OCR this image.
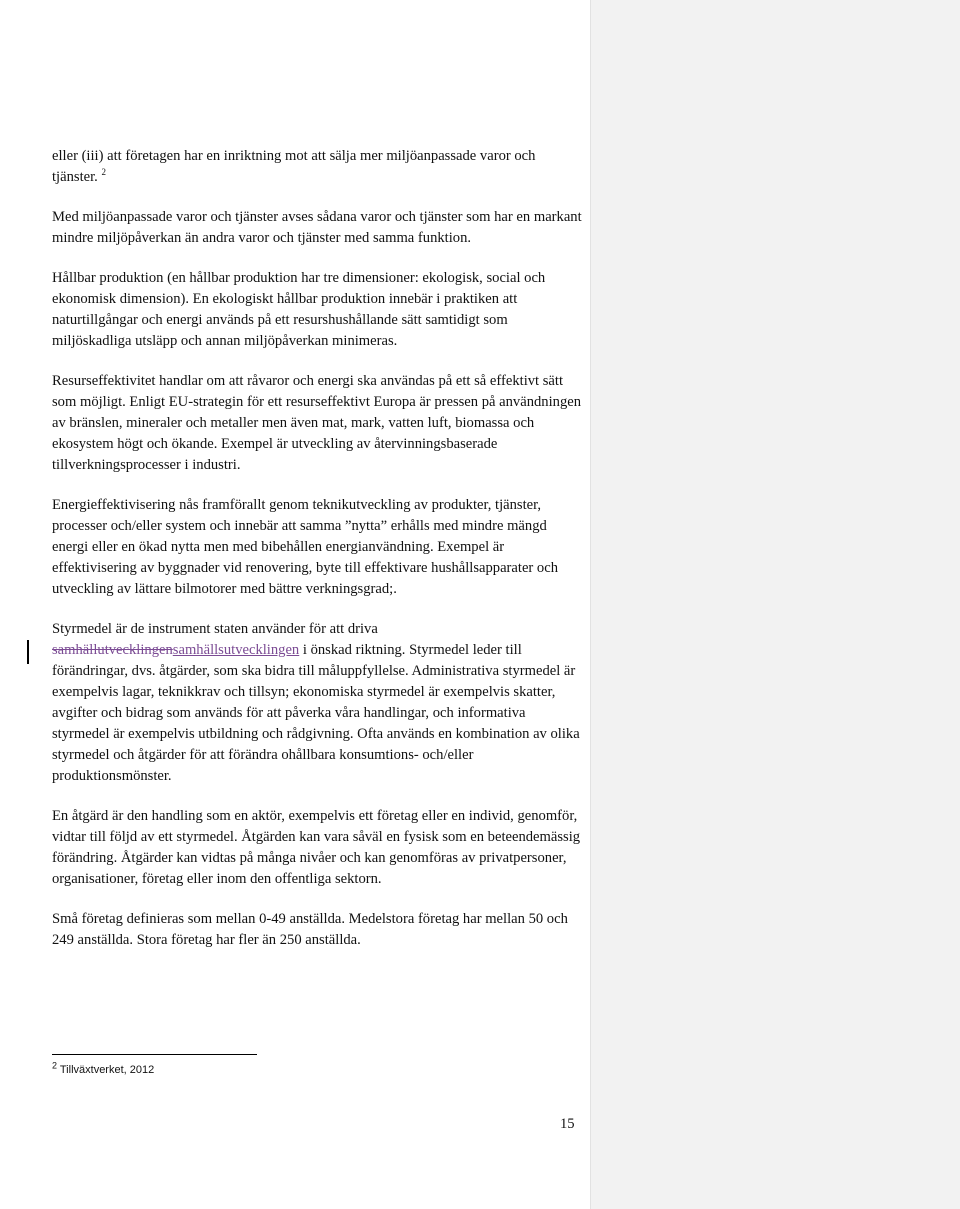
eller (iii) att företagen har en inriktning mot att sälja mer miljöanpassade varor och tjänster. $^2$

Med miljöanpassade varor och tjänster avses sådana varor och tjänster som har en markant mindre miljöpåverkan än andra varor och tjänster med samma funktion.

Hållbar produktion (en hållbar produktion har tre dimensioner: ekologisk, social och ekonomisk dimension). En ekologiskt hållbar produktion innebär i praktiken att naturtillgångar och energi används på ett resurshushållande sätt samtidigt som miljöskadliga utsläpp och annan miljöpåverkan minimeras.

Resurseffektivitet handlar om att råvaror och energi ska användas på ett så effektivt sätt som möjligt. Enligt EU-strategin för ett resurseffektivt Europa är pressen på användningen av bränslen, mineraler och metaller men även mat, mark, vatten luft, biomassa och ekosystem högt och ökande. Exempel är utveckling av återvinningsbaserade tillverkningsprocesser i industri.

Energieffektivisering nås framförallt genom teknikutveckling av produkter, tjänster, processer och/eller system och innebär att samma ”nytta” erhålls med mindre mängd energi eller en ökad nytta men med bibehållen energianvändning. Exempel är effektivisering av byggnader vid renovering, byte till effektivare hushållsapparater och utveckling av lättare bilmotorer med bättre verkningsgrad;.

Styrmedel är de instrument staten använder för att driva samhällutvecklingensamhällsutvecklingen i önskad riktning. Styrmedel leder till förändringar, dvs. åtgärder, som ska bidra till måluppfyllelse. Administrativa styrmedel är exempelvis lagar, teknikkrav och tillsyn; ekonomiska styrmedel är exempelvis skatter, avgifter och bidrag som används för att påverka våra handlingar, och informativa styrmedel är exempelvis utbildning och rådgivning. Ofta används en kombination av olika styrmedel och åtgärder för att förändra ohållbara konsumtions- och/eller produktionsmönster.

En åtgärd är den handling som en aktör, exempelvis ett företag eller en individ, genomför, vidtar till följd av ett styrmedel. Åtgärden kan vara såväl en fysisk som en beteendemässig förändring. Åtgärder kan vidtas på många nivåer och kan genomföras av privatpersoner, organisationer, företag eller inom den offentliga sektorn.

Små företag definieras som mellan 0-49 anställda. Medelstora företag har mellan 50 och 249 anställda. Stora företag har fler än 250 anställda.

$^2$ Tillväxtverket, 2012
15
